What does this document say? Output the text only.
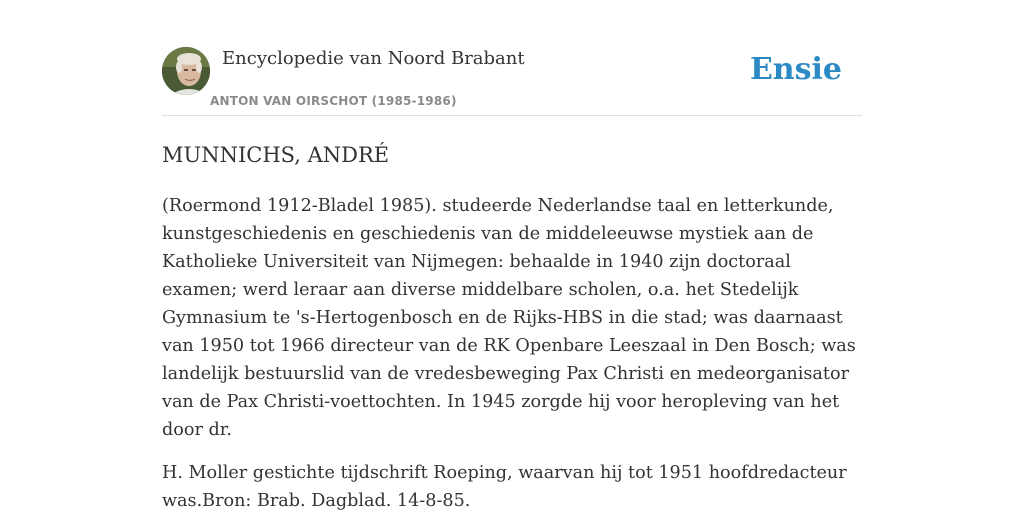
Encyclopedie van Noord Brabant
ANTON VAN OIRSCHOT (1985-1986)
Ensie
MUNNICHS, ANDRÉ

(Roermond 1912-Bladel 1985). studeerde Nederlandse taal en letterkunde, kunstgeschiedenis en geschiedenis van de middeleeuwse mystiek aan de Katholieke Universiteit van Nijmegen: behaalde in 1940 zijn doctoraal examen; werd leraar aan diverse middelbare scholen, o.a. het Stedelijk Gymnasium te 's-Hertogenbosch en de Rijks-HBS in die stad; was daarnaast van 1950 tot 1966 directeur van de RK Openbare Leeszaal in Den Bosch; was landelijk bestuurslid van de vredesbeweging Pax Christi en medeorganisator van de Pax Christi-voettochten. In 1945 zorgde hij voor heropleving van het door dr.

H. Moller gestichte tijdschrift Roeping, waarvan hij tot 1951 hoofdredacteur was.Bron: Brab. Dagblad. 14-8-85.
